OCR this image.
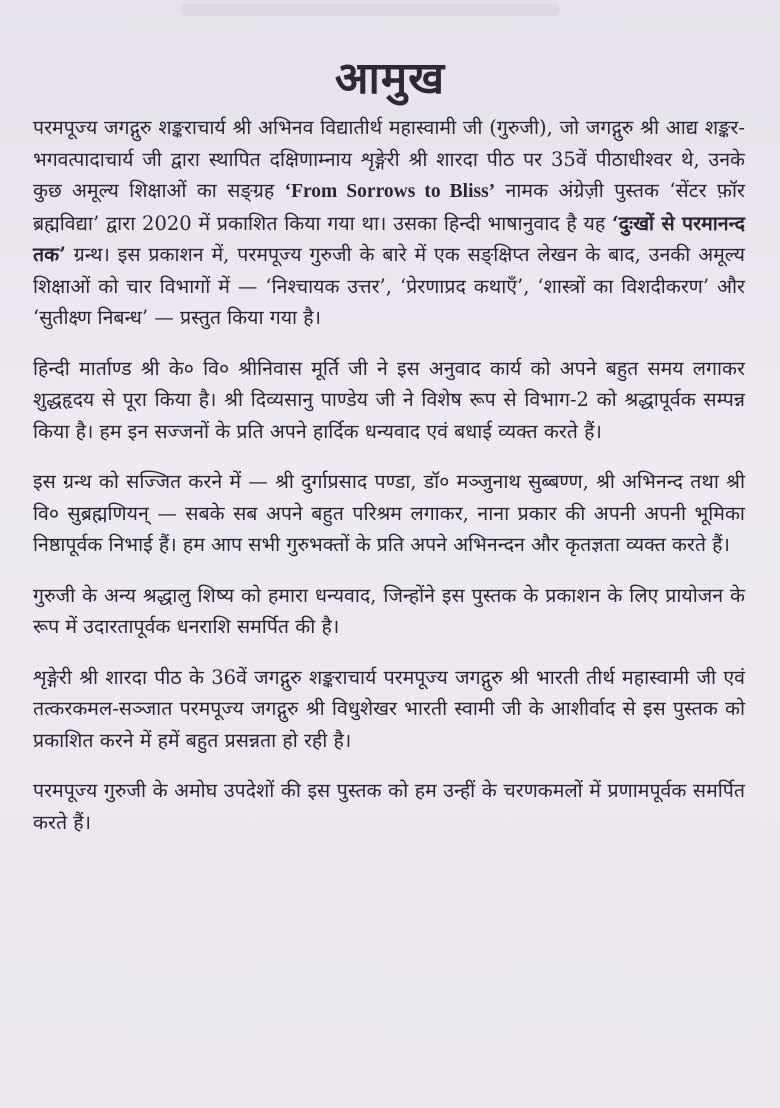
आमुख

परमपूज्य जगद्गुरु शङ्कराचार्य श्री अभिनव विद्यातीर्थ महास्वामी जी (गुरुजी), जो जगद्गुरु श्री आद्य शङ्कर-भगवत्पादाचार्य जी द्वारा स्थापित दक्षिणाम्नाय शृङ्गेरी श्री शारदा पीठ पर 35वें पीठाधीश्वर थे, उनके कुछ अमूल्य शिक्षाओं का सङ्ग्रह ‘From Sorrows to Bliss’ नामक अंग्रेज़ी पुस्तक ‘सेंटर फ़ॉर ब्रह्मविद्या’ द्वारा 2020 में प्रकाशित किया गया था। उसका हिन्दी भाषानुवाद है यह ‘दुःखों से परमानन्द तक’ ग्रन्थ। इस प्रकाशन में, परमपूज्य गुरुजी के बारे में एक सङ्क्षिप्त लेखन के बाद, उनकी अमूल्य शिक्षाओं को चार विभागों में — ‘निश्चायक उत्तर’, ‘प्रेरणाप्रद कथाएँ’, ‘शास्त्रों का विशदीकरण’ और ‘सुतीक्ष्ण निबन्ध’ — प्रस्तुत किया गया है।

हिन्दी मार्ताण्ड श्री के० वि० श्रीनिवास मूर्ति जी ने इस अनुवाद कार्य को अपने बहुत समय लगाकर शुद्धहृदय से पूरा किया है। श्री दिव्यसानु पाण्डेय जी ने विशेष रूप से विभाग-2 को श्रद्धापूर्वक सम्पन्न किया है। हम इन सज्जनों के प्रति अपने हार्दिक धन्यवाद एवं बधाई व्यक्त करते हैं।

इस ग्रन्थ को सज्जित करने में — श्री दुर्गाप्रसाद पण्डा, डॉ० मञ्जुनाथ सुब्बण्ण, श्री अभिनन्द तथा श्री वि० सुब्रह्मणियन् — सबके सब अपने बहुत परिश्रम लगाकर, नाना प्रकार की अपनी अपनी भूमिका निष्ठापूर्वक निभाई हैं। हम आप सभी गुरुभक्तों के प्रति अपने अभिनन्दन और कृतज्ञता व्यक्त करते हैं।

गुरुजी के अन्य श्रद्धालु शिष्य को हमारा धन्यवाद, जिन्होंने इस पुस्तक के प्रकाशन के लिए प्रायोजन के रूप में उदारतापूर्वक धनराशि समर्पित की है।

शृङ्गेरी श्री शारदा पीठ के 36वें जगद्गुरु शङ्कराचार्य परमपूज्य जगद्गुरु श्री भारती तीर्थ महास्वामी जी एवं तत्करकमल-सञ्जात परमपूज्य जगद्गुरु श्री विधुशेखर भारती स्वामी जी के आशीर्वाद से इस पुस्तक को प्रकाशित करने में हमें बहुत प्रसन्नता हो रही है।

परमपूज्य गुरुजी के अमोघ उपदेशों की इस पुस्तक को हम उन्हीं के चरणकमलों में प्रणामपूर्वक समर्पित करते हैं।
